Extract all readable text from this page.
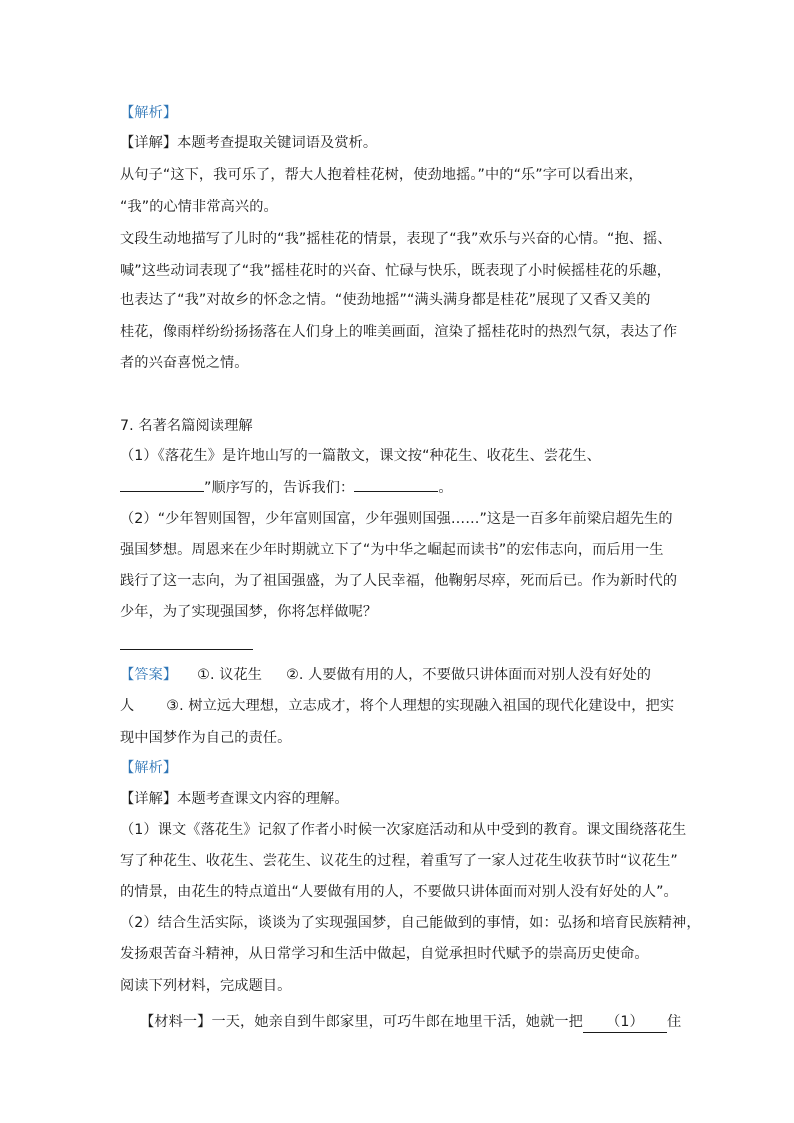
【解析】
【详解】本题考查提取关键词语及赏析。
从句子“这下，我可乐了，帮大人抱着桂花树，使劲地摇。”中的“乐”字可以看出来，
“我”的心情非常高兴的。
文段生动地描写了儿时的“我”摇桂花的情景，表现了“我”欢乐与兴奋的心情。“抱、摇、
喊”这些动词表现了“我”摇桂花时的兴奋、忙碌与快乐，既表现了小时候摇桂花的乐趣，
也表达了“我”对故乡的怀念之情。“使劲地摇”“满头满身都是桂花”展现了又香又美的
桂花，像雨样纷纷扬扬落在人们身上的唯美画面，渲染了摇桂花时的热烈气氛，表达了作
者的兴奋喜悦之情。
7. 名著名篇阅读理解
（1）《落花生》是许地山写的一篇散文，课文按“种花生、收花生、尝花生、
”顺序写的，告诉我们：	。
（2）“少年智则国智，少年富则国富，少年强则国强……”这是一百多年前梁启超先生的
强国梦想。周恩来在少年时期就立下了“为中华之崛起而读书”的宏伟志向，而后用一生
践行了这一志向，为了祖国强盛，为了人民幸福，他鞠躬尽瘁，死而后已。作为新时代的
少年，为了实现强国梦，你将怎样做呢？
【答案】 ①. 议花生 ②. 人要做有用的人，不要做只讲体面而对别人没有好处的
人 ③. 树立远大理想，立志成才，将个人理想的实现融入祖国的现代化建设中，把实
现中国梦作为自己的责任。
【解析】
【详解】本题考查课文内容的理解。
（1）课文《落花生》记叙了作者小时候一次家庭活动和从中受到的教育。课文围绕落花生
写了种花生、收花生、尝花生、议花生的过程，着重写了一家人过花生收获节时“议花生”
的情景，由花生的特点道出“人要做有用的人，不要做只讲体面而对别人没有好处的人”。
（2）结合生活实际，谈谈为了实现强国梦，自己能做到的事情，如：弘扬和培育民族精神，
发扬艰苦奋斗精神，从日常学习和生活中做起，自觉承担时代赋予的崇高历史使命。
阅读下列材料，完成题目。
【材料一】一天，她亲自到牛郎家里，可巧牛郎在地里干活，她就一把 （1） 住
